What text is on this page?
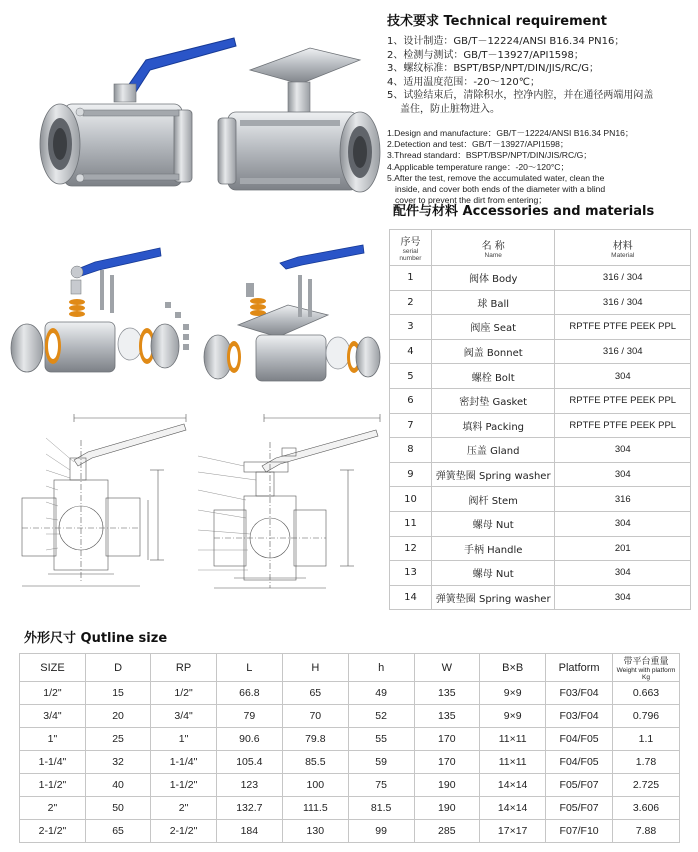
技术要求 Technical requirement
1、设计制造：GB/T－12224/ANSI B16.34 PN16；
2、检测与测试：GB/T－13927/API1598；
3、螺纹标准：BSPT/BSP/NPT/DIN/JIS/RC/G；
4、适用温度范围：-20～120℃；
5、试验结束后，清除积水，控净内腔，并在通径两端用闷盖
盖住，防止脏物进入。
1.Design and manufacture：GB/T－12224/ANSI B16.34 PN16；
2.Detection and test：GB/T－13927/API1598；
3.Thread standard：BSPT/BSP/NPT/DIN/JIS/RC/G；
4.Applicable temperature range：-20～120°C；
5.After the test, remove the accumulated water, clean the
inside, and cover both ends of the diameter with a blind
cover to prevent the dirt from entering；
配件与材料 Accessories and materials
序号
serial
number	名 称
Name	材料
Material

1	阀体 Body	316 / 304
2	球 Ball	316 / 304
3	阀座 Seat	RPTFE PTFE PEEK PPL
4	阀盖 Bonnet	316 / 304
5	螺栓 Bolt	304
6	密封垫 Gasket	RPTFE PTFE PEEK PPL
7	填料 Packing	RPTFE PTFE PEEK PPL
8	压盖 Gland	304
9	弹簧垫圈 Spring washer	304
10	阀杆 Stem	316
11	螺母 Nut	304
12	手柄 Handle	201
13	螺母 Nut	304
14	弹簧垫圈 Spring washer	304
外形尺寸 Qutline size
SIZE	D	RP	L	H	h	W	B×B	Platform	带平台重量
Weight with platform
Kg

1/2"	15	1/2"	66.8	65	49	135	9×9	F03/F04	0.663
3/4"	20	3/4"	79	70	52	135	9×9	F03/F04	0.796
1"	25	1"	90.6	79.8	55	170	11×11	F04/F05	1.1
1-1/4"	32	1-1/4"	105.4	85.5	59	170	11×11	F04/F05	1.78
1-1/2"	40	1-1/2"	123	100	75	190	14×14	F05/F07	2.725
2"	50	2"	132.7	111.5	81.5	190	14×14	F05/F07	3.606
2-1/2"	65	2-1/2"	184	130	99	285	17×17	F07/F10	7.88
